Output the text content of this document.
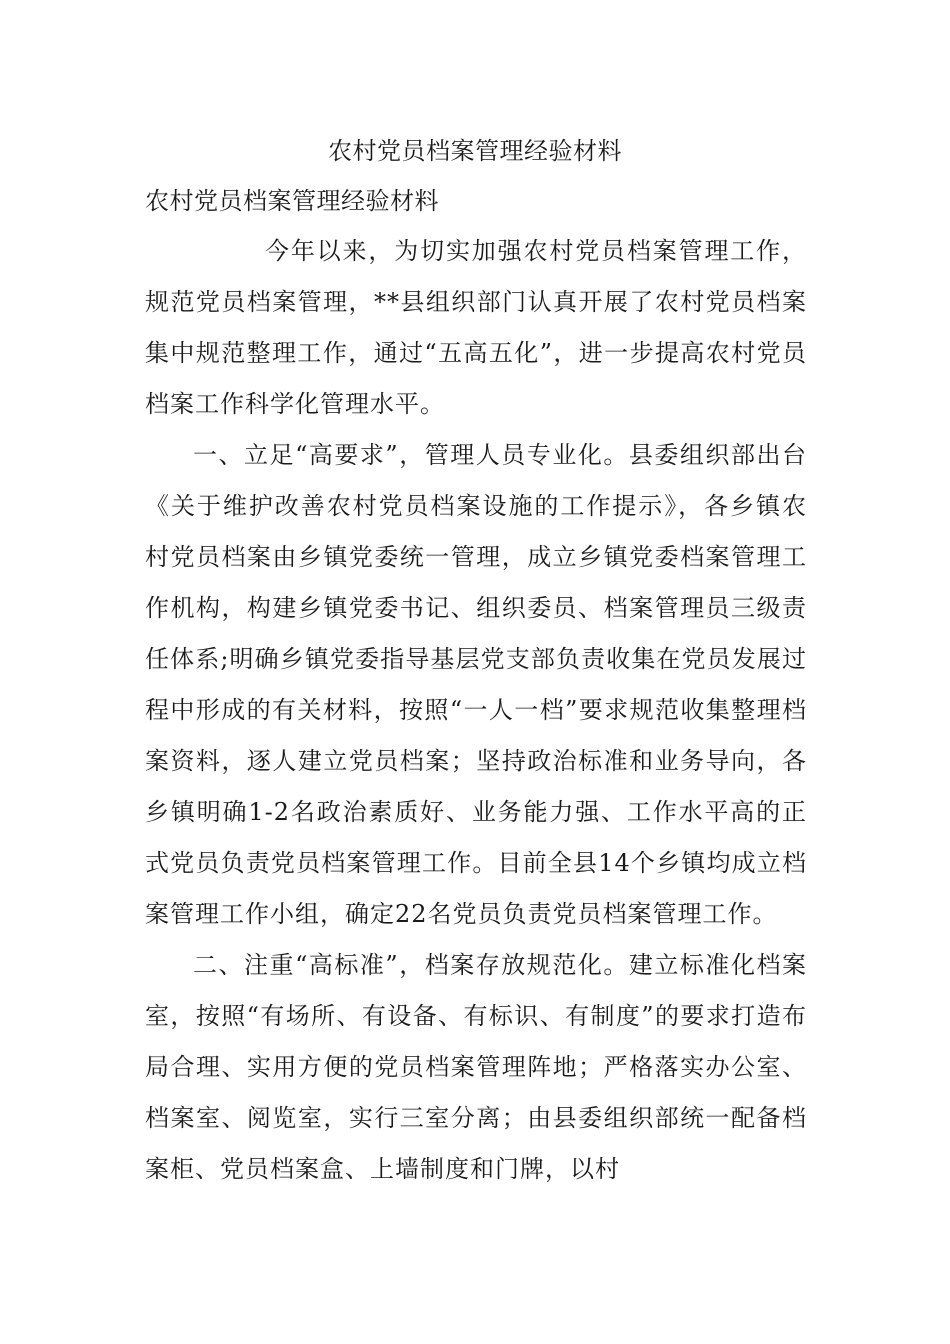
农村党员档案管理经验材料
农村党员档案管理经验材料

今年以来，为切实加强农村党员档案管理工作，规范党员档案管理，**县组织部门认真开展了农村党员档案集中规范整理工作，通过“五高五化”，进一步提高农村党员档案工作科学化管理水平。

一、立足“高要求”，管理人员专业化。县委组织部出台《关于维护改善农村党员档案设施的工作提示》，各乡镇农村党员档案由乡镇党委统一管理，成立乡镇党委档案管理工作机构，构建乡镇党委书记、组织委员、档案管理员三级责任体系;明确乡镇党委指导基层党支部负责收集在党员发展过程中形成的有关材料，按照“一人一档”要求规范收集整理档案资料，逐人建立党员档案；坚持政治标准和业务导向，各乡镇明确1-2名政治素质好、业务能力强、工作水平高的正式党员负责党员档案管理工作。目前全县14个乡镇均成立档案管理工作小组，确定22名党员负责党员档案管理工作。

二、注重“高标准”，档案存放规范化。建立标准化档案室，按照“有场所、有设备、有标识、有制度”的要求打造布局合理、实用方便的党员档案管理阵地；严格落实办公室、档案室、阅览室，实行三室分离；由县委组织部统一配备档案柜、党员档案盒、上墙制度和门牌，以村
